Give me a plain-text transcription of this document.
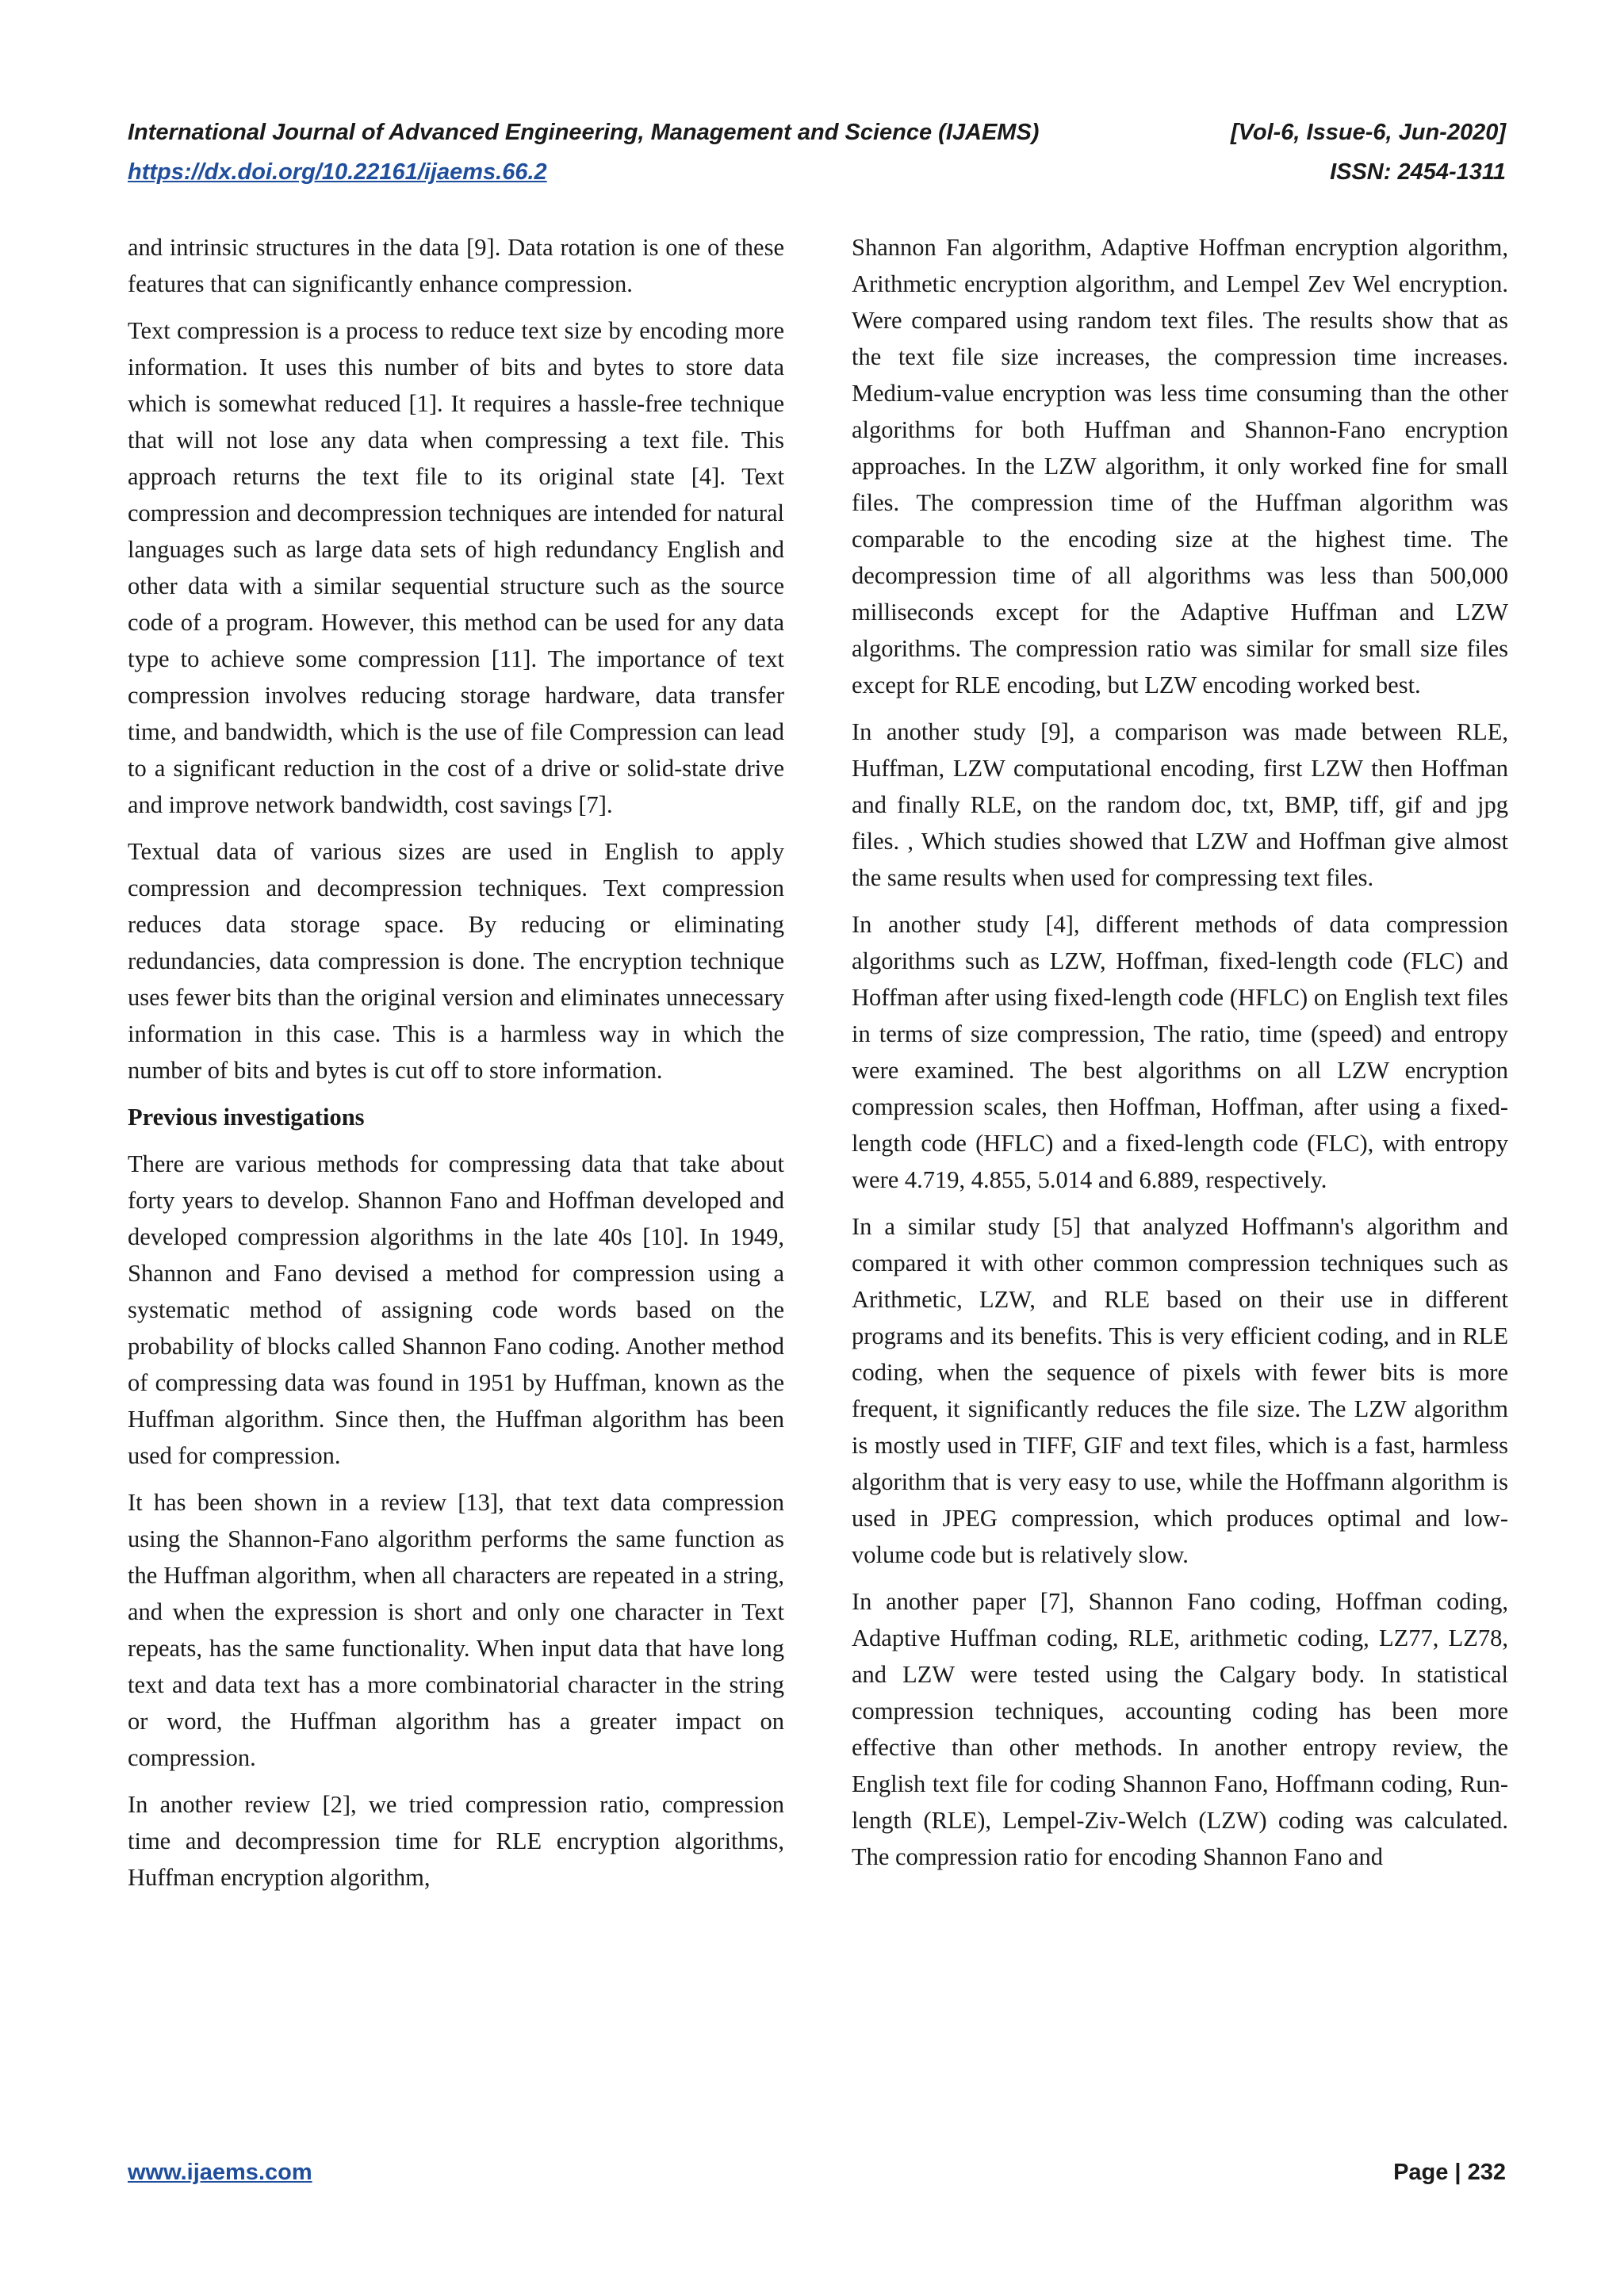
International Journal of Advanced Engineering, Management and Science (IJAEMS)	[Vol-6, Issue-6, Jun-2020]
https://dx.doi.org/10.22161/ijaems.66.2	ISSN: 2454-1311

and intrinsic structures in the data [9]. Data rotation is one of these features that can significantly enhance compression.

Text compression is a process to reduce text size by encoding more information. It uses this number of bits and bytes to store data which is somewhat reduced [1]. It requires a hassle-free technique that will not lose any data when compressing a text file. This approach returns the text file to its original state [4]. Text compression and decompression techniques are intended for natural languages such as large data sets of high redundancy English and other data with a similar sequential structure such as the source code of a program. However, this method can be used for any data type to achieve some compression [11]. The importance of text compression involves reducing storage hardware, data transfer time, and bandwidth, which is the use of file Compression can lead to a significant reduction in the cost of a drive or solid-state drive and improve network bandwidth, cost savings [7].

Textual data of various sizes are used in English to apply compression and decompression techniques. Text compression reduces data storage space. By reducing or eliminating redundancies, data compression is done. The encryption technique uses fewer bits than the original version and eliminates unnecessary information in this case. This is a harmless way in which the number of bits and bytes is cut off to store information.

Previous investigations

There are various methods for compressing data that take about forty years to develop. Shannon Fano and Hoffman developed and developed compression algorithms in the late 40s [10]. In 1949, Shannon and Fano devised a method for compression using a systematic method of assigning code words based on the probability of blocks called Shannon Fano coding. Another method of compressing data was found in 1951 by Huffman, known as the Huffman algorithm. Since then, the Huffman algorithm has been used for compression.

It has been shown in a review [13], that text data compression using the Shannon-Fano algorithm performs the same function as the Huffman algorithm, when all characters are repeated in a string, and when the expression is short and only one character in Text repeats, has the same functionality. When input data that have long text and data text has a more combinatorial character in the string or word, the Huffman algorithm has a greater impact on compression.

In another review [2], we tried compression ratio, compression time and decompression time for RLE encryption algorithms, Huffman encryption algorithm,

Shannon Fan algorithm, Adaptive Hoffman encryption algorithm, Arithmetic encryption algorithm, and Lempel Zev Wel encryption. Were compared using random text files. The results show that as the text file size increases, the compression time increases. Medium-value encryption was less time consuming than the other algorithms for both Huffman and Shannon-Fano encryption approaches. In the LZW algorithm, it only worked fine for small files. The compression time of the Huffman algorithm was comparable to the encoding size at the highest time. The decompression time of all algorithms was less than 500,000 milliseconds except for the Adaptive Huffman and LZW algorithms. The compression ratio was similar for small size files except for RLE encoding, but LZW encoding worked best.

In another study [9], a comparison was made between RLE, Huffman, LZW computational encoding, first LZW then Hoffman and finally RLE, on the random doc, txt, BMP, tiff, gif and jpg files. , Which studies showed that LZW and Hoffman give almost the same results when used for compressing text files.

In another study [4], different methods of data compression algorithms such as LZW, Hoffman, fixed-length code (FLC) and Hoffman after using fixed-length code (HFLC) on English text files in terms of size compression, The ratio, time (speed) and entropy were examined. The best algorithms on all LZW encryption compression scales, then Hoffman, Hoffman, after using a fixed-length code (HFLC) and a fixed-length code (FLC), with entropy were 4.719, 4.855, 5.014 and 6.889, respectively.

In a similar study [5] that analyzed Hoffmann's algorithm and compared it with other common compression techniques such as Arithmetic, LZW, and RLE based on their use in different programs and its benefits. This is very efficient coding, and in RLE coding, when the sequence of pixels with fewer bits is more frequent, it significantly reduces the file size. The LZW algorithm is mostly used in TIFF, GIF and text files, which is a fast, harmless algorithm that is very easy to use, while the Hoffmann algorithm is used in JPEG compression, which produces optimal and low-volume code but is relatively slow.

In another paper [7], Shannon Fano coding, Hoffman coding, Adaptive Huffman coding, RLE, arithmetic coding, LZ77, LZ78, and LZW were tested using the Calgary body. In statistical compression techniques, accounting coding has been more effective than other methods. In another entropy review, the English text file for coding Shannon Fano, Hoffmann coding, Run-length (RLE), Lempel-Ziv-Welch (LZW) coding was calculated. The compression ratio for encoding Shannon Fano and

www.ijaems.com	Page | 232
